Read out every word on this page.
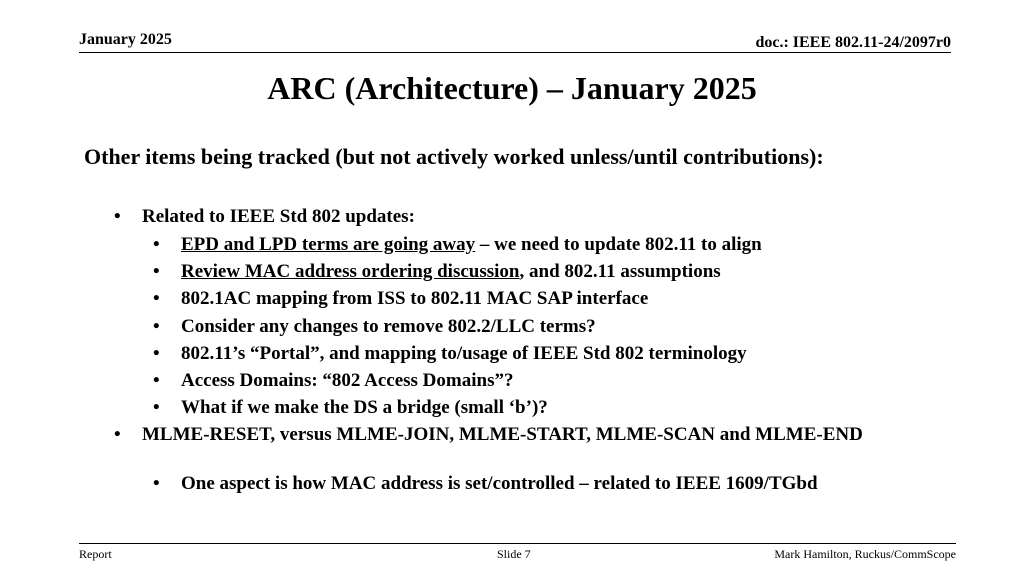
January 2025	doc.: IEEE 802.11-24/2097r0
ARC (Architecture) – January 2025
Other items being tracked (but not actively worked unless/until contributions):
• Related to IEEE Std 802 updates:
• EPD and LPD terms are going away – we need to update 802.11 to align
• Review MAC address ordering discussion, and 802.11 assumptions
• 802.1AC mapping from ISS to 802.11 MAC SAP interface
• Consider any changes to remove 802.2/LLC terms?
• 802.11’s “Portal”, and mapping to/usage of IEEE Std 802 terminology
• Access Domains: “802 Access Domains”?
• What if we make the DS a bridge (small ‘b’)?
• MLME-RESET, versus MLME-JOIN, MLME-START, MLME-SCAN and MLME-END
• One aspect is how MAC address is set/controlled – related to IEEE 1609/TGbd
Report	Slide 7	Mark Hamilton, Ruckus/CommScope
